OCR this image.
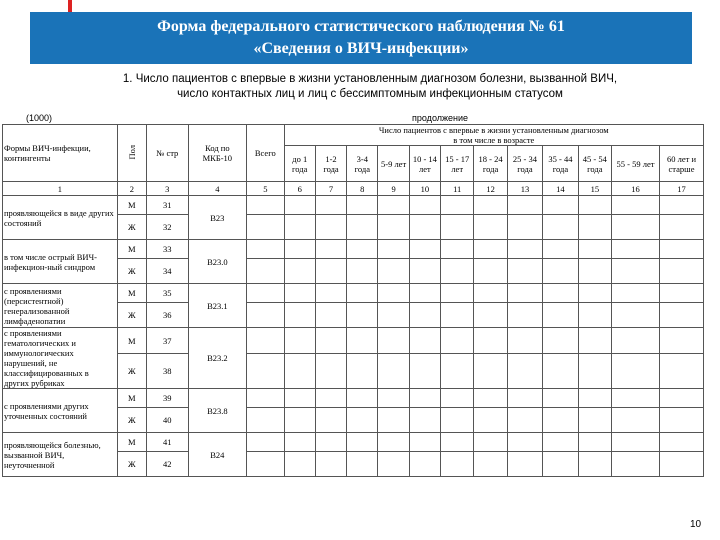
Форма федерального статистического наблюдения № 61
«Сведения о ВИЧ-инфекции»
1. Число пациентов с впервые в жизни установленным диагнозом болезни, вызванной ВИЧ,
число контактных лиц и лиц с бессимптомным инфекционным статусом
(1000)	продолжение
Формы ВИЧ-инфекции, контингенты	Пол	№ стр	Код по МКБ-10	Всего	Число пациентов с впервые в жизни установленным диагнозом											
					в том числе в возрасте											
					до 1 года	1-2 года	3-4 года	5-9 лет	10 - 14 лет	15 - 17 лет	18 - 24 года	25 - 34 года	35 - 44 года	45 - 54 года	55 - 59 лет	60 лет и старше
1	2	3	4	5	6	7	8	9	10	11	12	13	14	15	16	17
проявляющейся в виде других состояний	М	31	B23													
	Ж	32														
в том числе острый ВИЧ-инфекцион-ный синдром	М	33	B23.0													
	Ж	34														
с проявлениями (персистентной) генерализованной лимфаденопатии	М	35	B23.1													
	Ж	36														
с проявлениями гематологических и иммунологических нарушений, не классифицированных в других рубриках	М	37	B23.2													
	Ж	38														
с проявлениями других уточненных состояний	М	39	B23.8													
	Ж	40														
проявляющейся болезнью, вызванной ВИЧ, неуточненной	М	41	B24													
	Ж	42														
10
